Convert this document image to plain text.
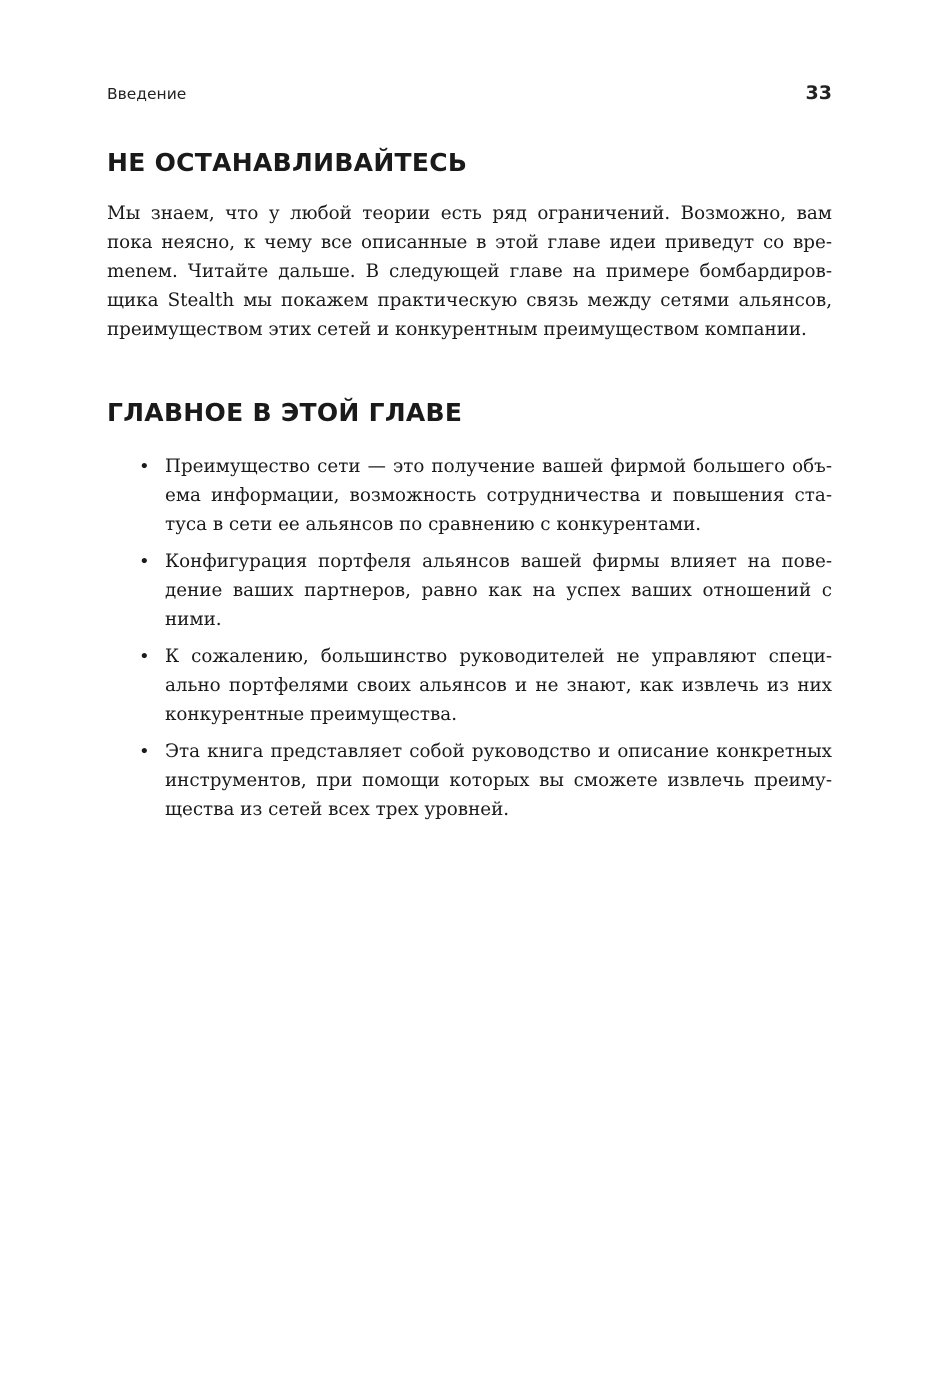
Введение	33
НЕ ОСТАНАВЛИВАЙТЕСЬ

Мы знаем, что у любой теории есть ряд ограничений. Возможно, вам пока неясно, к чему все описанные в этой главе идеи приведут со вреmenем. Читайте дальше. В следующей главе на примере бомбардировщика Stealth мы покажем практическую связь между сетями альянсов, преимуществом этих сетей и конкурентным преимуществом компании.

ГЛАВНОЕ В ЭТОЙ ГЛАВЕ
• Преимущество сети — это получение вашей фирмой большего объема информации, возможность сотрудничества и повышения статуса в сети ее альянсов по сравнению с конкурентами.
• Конфигурация портфеля альянсов вашей фирмы влияет на поведение ваших партнеров, равно как на успех ваших отношений с ними.
• К сожалению, большинство руководителей не управляют специально портфелями своих альянсов и не знают, как извлечь из них конкурентные преимущества.
• Эта книга представляет собой руководство и описание конкретных инструментов, при помощи которых вы сможете извлечь преимущества из сетей всех трех уровней.
